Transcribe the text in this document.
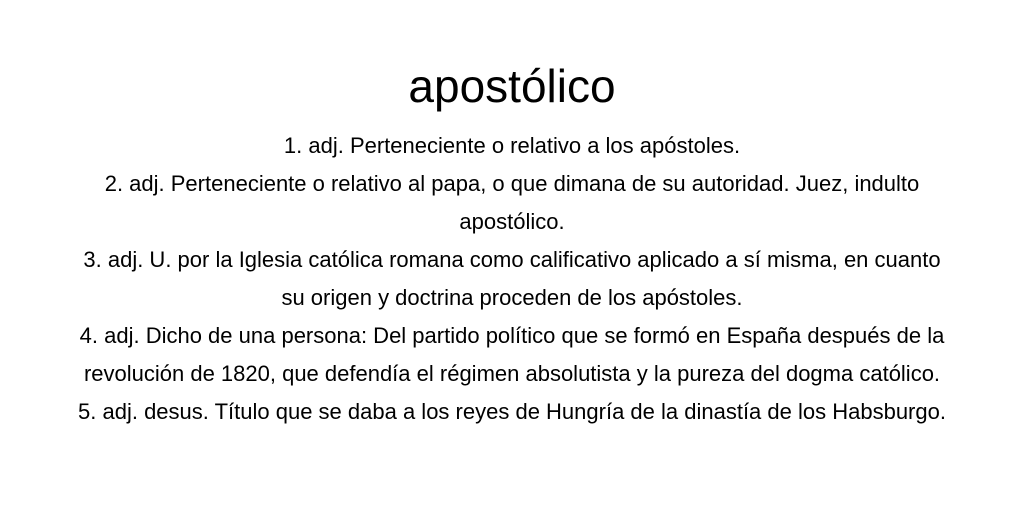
apostólico
1. adj. Perteneciente o relativo a los apóstoles.
2. adj. Perteneciente o relativo al papa, o que dimana de su autoridad. Juez, indulto apostólico.
3. adj. U. por la Iglesia católica romana como calificativo aplicado a sí misma, en cuanto su origen y doctrina proceden de los apóstoles.
4. adj. Dicho de una persona: Del partido político que se formó en España después de la revolución de 1820, que defendía el régimen absolutista y la pureza del dogma católico.
5. adj. desus. Título que se daba a los reyes de Hungría de la dinastía de los Habsburgo.
